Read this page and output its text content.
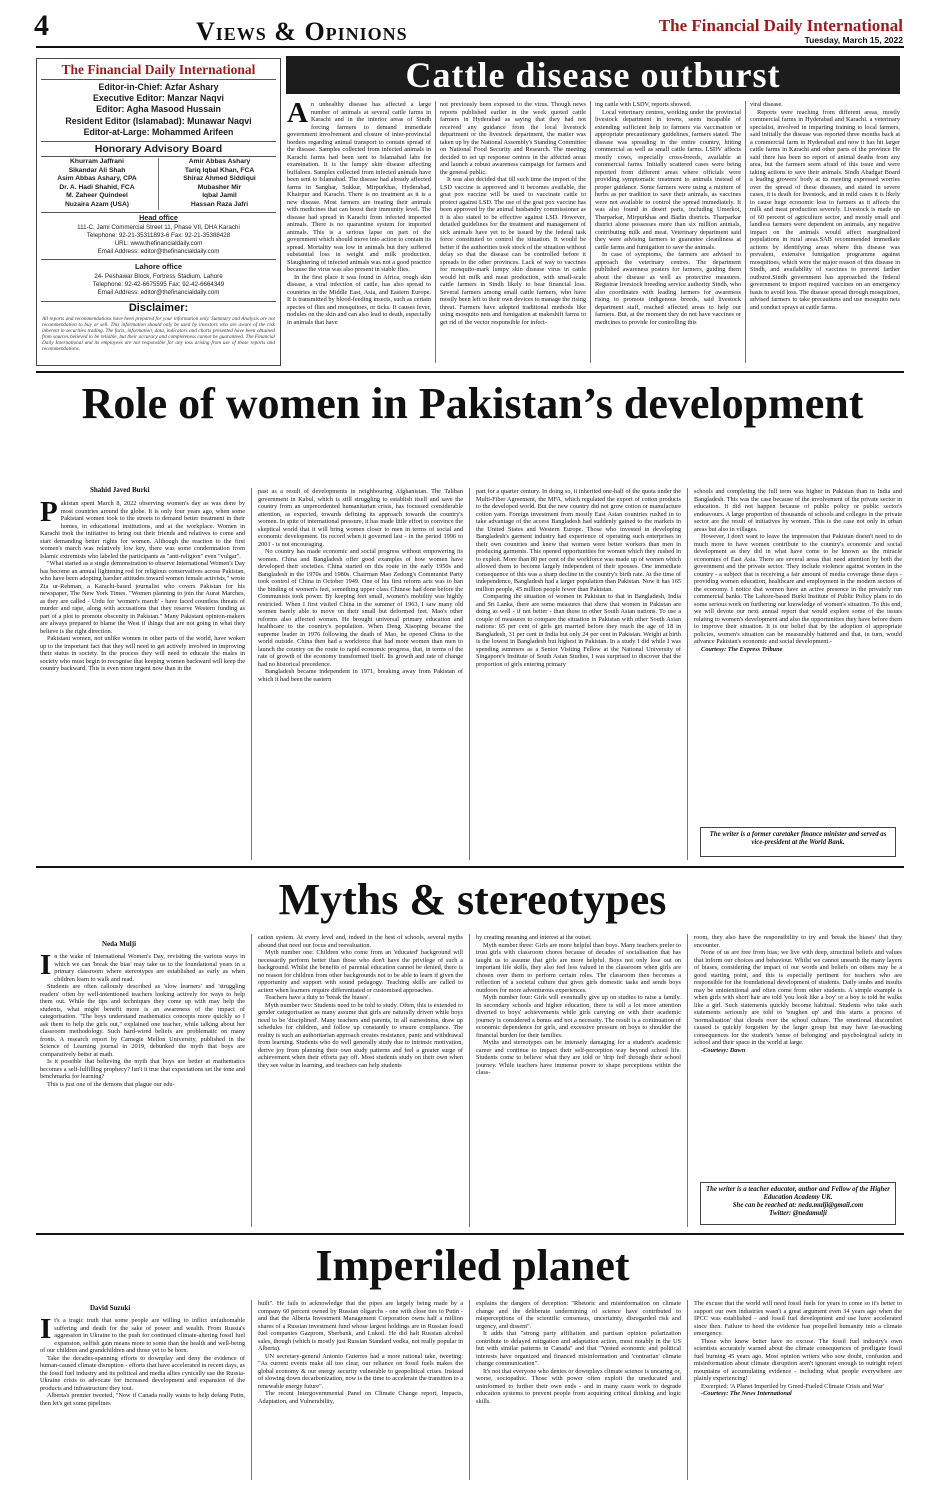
4	Views & Opinions	The Financial Daily International
Tuesday, March 15, 2022
The Financial Daily International
Editor-in-Chief: Azfar Ashary
Executive Editor: Manzar Naqvi
Editor: Agha Masood Hussain
Resident Editor (Islamabad): Munawar Naqvi
Editor-at-Large: Mohammed Arifeen
Honorary Advisory Board
Khurram Jaffrani
Sikandar Ali Shah
Asim Abbas Ashary, CPA
Dr. A. Hadi Shahid, FCA
M. Zaheer Quindeel
Nuzaira Azam (USA)
Amir Abbas Ashary
Tariq Iqbal Khan, FCA
Shiraz Ahmed Siddiqui
Mubasher Mir
Iqbal Jamil
Hassan Raza Jafri
Head office
111-C, Jami Commercial Street 11, Phase VII, DHA Karachi
Telephone: 92-21-35311893-6 Fax: 92-21-35388428
URL: www.thefinancialdaily.com
Email Address: editor@thefinancialdaily.com
Lahore office
24- Peshawar Block, Fortress Stadium, Lahore
Telephone: 92-42-6675595 Fax: 92-42-6664349
Email Address: editor@thefinancialdaily.com
Disclaimer:
All reports and recommendations have been prepared for your information only. Summary and Analysis are not recommendation to buy or sell. This information should only be used by investors who are aware of the risk inherent in securities trading. The facts, information, data, indicators and charts presented have been obtained from sources believed to be reliable, but their accuracy and completeness cannot be guaranteed. The Financial Daily International and its employees are not responsible for any loss arising from use of those reports and recommendations.
Cattle disease outburst
A n unhealthy disease has affected a large number of animals at several cattle farms in Karachi and in the interior areas of Sindh forcing farmers to demand immediate government involvement and closure of inter-provincial borders regarding animal transport to contain spread of the disease. Samples collected from infected animals in Karachi farms had been sent to Islamabad labs for examination. It is the lumpy skin disease affecting buffaloes. Samples collected from infected animals have been sent to Islamabad. The disease had already affected farms in Sanghar, Sukkur, Mirpurkhas, Hyderabad, Khairpur and Karachi. There is no treatment as it is a new disease. Most farmers are treating their animals with medicines that can boost their immunity level. The disease had spread in Karachi from infected imported animals. There is no quarantine system for imported animals. This is a serious lapse on part of the government which should move into action to contain its spread. Mortality was low in animals but they suffered substantial loss in weight and milk production. Slaughtering of infected animals was not a good practice because the virus was also present in stable flies.

In the first place it was found in Africa, rough skin disease, a viral infection of cattle, has also spread to countries in the Middle East, Asia, and Eastern Europe. It is transmitted by blood-feeding insects, such as certain species of flies and mosquitoes, or ticks. It causes fever, nodules on the skin and can also lead to death, especially in animals that have

not previously been exposed to the virus. Though news reports published earlier in the week quoted cattle farmers in Hyderabad as saying that they had not received any guidance from the local livestock department or the livestock department, the matter was taken up by the National Assembly's Standing Committee on National Food Security and Research. The meeting decided to set up response centres in the affected areas and launch a robust awareness campaign for farmers and the general public.

It was also decided that till such time the import of the LSD vaccine is approved and it becomes available, the goat pox vaccine will be used to vaccinate cattle to protect against LSD. The use of the goat pox vaccine has been approved by the animal husbandry commissioner as it is also stated to be effective against LSD. However, detailed guidelines for the treatment and management of sick animals have yet to be issued by the federal task force constituted to control the situation. It would be better if the authorities took stock of the situation without delay so that the disease can be controlled before it spreads to the other provinces. Lack of way to vaccines for mosquito-mark lumpy skin disease virus in cattle would hit milk and meat production, with small-scale cattle farmers in Sindh likely to bear financial loss. Several farmers among small cattle farmers, who have mostly been left to their own devices to manage the rising threat. Farmers have adopted traditional methods like using mosquito nets and fumigation at makeshift farms to get rid of the vector responsible for infect-

ing cattle with LSDV, reports showed.

Local veterinary centres, working under the provincial livestock department in towns, seem incapable of extending sufficient help to farmers via vaccination or appropriate precautionary guidelines, farmers stated. The disease was spreading in the entire country, hitting commercial as well as small cattle farms. LSDV affects mostly cows, especially cross-breeds, available at commercial farms. Initially scattered cases were being reported from different areas where officials were providing symptomatic treatment to animals instead of proper guidance. Some farmers were using a mixture of herbs as per tradition to save their animals, as vaccines were not available to control the spread immediately. It was also found in desert parts, including Umerkot, Tharparkar, Mirpurkhas and Badin districts. Tharparkar district alone possesses more than six million animals, contributing milk and meat. Veterinary department said they were advising farmers to guarantee cleanliness at cattle farms and fumigation to save the animals.

In case of symptoms, the farmers are advised to approach the veterinary centres. The department published awareness posters for farmers, guiding them about the disease as well as protective measures. Registrar livestock breeding service authority Sindh, who also coordinates with leading farmers for awareness rising to promote indigenous breeds, said livestock department staff, reached affected areas to help our farmers. But, at the moment they do not have vaccines or medicines to provide for controlling this

viral disease.

Reports were reaching from different areas, mostly commercial farms in Hyderabad and Karachi. a veterinary specialist, involved in imparting training to local farmers, said initially the disease was reported three months back at a commercial farm in Hyderabad and now it has hit larger cattle farms in Karachi and other parts of the province He said there has been no report of animal deaths from any area, but the farmers seem afraid of this issue and were taking actions to save their animals. Sindh Abadgar Board a leading growers' body at its meeting expressed worries over the spread of these diseases, and stated in severe cases, it is death for livestock, and in mild cases it is likely to cause huge economic loss to farmers as it affects the milk and meat production severely. Livestock is made up of 60 percent of agriculture sector, and mostly small and landless farmers were dependent on animals, any negative impact on the animals would affect marginalized populations in rural areas.SAB recommended immediate actions by identifying areas where this disease was prevalent, extensive fumigation programme against mosquitoes, which were the major reason of this disease in Sindh, and availability of vaccines to prevent farther outburst.Sindh government has approached the federal government to import required vaccines on an emergency basis to avoid loss. The disease spread through mosquitoes, advised farmers to take precautions and use mosquito nets and conduct sprays at cattle farms.

Role of women in Pakistan’s development
Shahid Javed Burki
P akistan spent March 8, 2022 observing women's day as was done by most countries around the globe. It is only four years ago, when some Pakistani women took to the streets to demand better treatment in their homes, in educational institutions, and at the workplace. Women in Karachi took the initiative to bring out their friends and relatives to come and start demanding better rights for women. Although the reaction to the first women's march was relatively low key, there was some condemnation from Islamic extremists who labeled the participants as "anti-religion" even "vulgar".

"What started as a single demonstration to observe International Women's Day has become an annual lightening rod for religious conservatives across Pakistan, who have been adopting harsher attitudes toward women female activists," wrote Zia ur-Rehman, a Karachi-based journalist who covers Pakistan for his newspaper, The New York Times. "Women planning to join the Aurat Marches, as they are called - Urdu for 'women's march' - have faced countless threats of murder and rape, along with accusations that they reserve Western funding as part of a plot to promote obscenity in Pakistan." Many Pakistani opinion-makers are always prepared to blame the West if things that are not going in what they believe is the right direction.

Pakistani women, not unlike women in other parts of the world, have woken up to the important fact that they will need to get actively involved in improving their status in society. In the process they will need to educate the males in society who must begin to recognise that keeping women backward will keep the country backward. This is even more urgent now than in the

past as a result of developments in neighbouring Afghanistan. The Taliban government in Kabul, which is still struggling to establish itself and save the country from an unprecedented humanitarian crisis, has focussed considerable attention, as expected, towards defining its approach towards the country's women. In spite of international pressure, it has made little effort to convince the skeptical world that it will bring women closer to men in terms of social and economic development. Its record when it governed last - in the period 1996 to 2001 - is not encouraging.

No country has made economic and social progress without empowering its women. China and Bangladesh offer good examples of how women have developed their societies. China started on this route in the early 1950s and Bangladesh in the 1970s and 1980s. Chairman Mao Zedong's Communist Party took control of China in October 1949. One of his first reform acts was to ban the binding of women's feet, something upper class Chinese had done before the Communists took power. By keeping feet small, women's mobility was highly restricted. When I first visited China in the summer of 1963, I saw many old women barely able to move on their small but deformed feet. Mao's other reforms also affected women. He brought universal primary education and healthcare to the country's population. When Deng Xiaoping became the supreme leader in 1976 following the death of Mao, he opened China to the world outside. China then had a workforce that had more women than men to launch the country on the route to rapid economic progress, that, in terms of the rate of growth of the economy transformed itself. Its growth and rate of change had no historical precedence.

Bangladesh became independent in 1971, breaking away from Pakistan of which it had been the eastern

part for a quarter century. In doing so, it inherited one-half of the quota under the Multi-Fiber Agreement, the MFA, which regulated the export of cotton products to the developed world. But the new country did not grow cotton or manufacture cotton yarn. Foreign investment from mostly East Asian countries rushed in to take advantage of the access Bangladesh had suddenly gained to the markets in the United States and Western Europe. Those who invested in developing Bangladesh's garment industry had experience of operating such enterprises in their own countries and knew that women were better workers than men in producing garments. This opened opportunities for women which they rushed in to exploit. More than 80 per cent of the workforce was made up of women which allowed them to become largely independent of their spouses. One immediate consequence of this was a sharp decline in the country's birth rate. At the time of independence, Bangladesh had a larger population than Pakistan. Now it has 165 million people, 45 million people fewer than Pakistan.

Comparing the situation of women in Pakistan to that in Bangladesh, India and Sri Lanka, there are some measures that show that women in Pakistan are doing as well - if not better - than those in other South Asian nations. To use a couple of measures to compare the situation in Pakistan with other South Asian nations: 65 per cent of girls get married before they reach the age of 18 in Bangladesh, 31 per cent in India but only 24 per cent in Pakistan. Weight at birth is the lowest in Bangladesh but highest in Pakistan. In a study I did while I was spending summers as a Senior Visiting Fellow at the National University of Singapore's Institute of South Asian Studies, I was surprised to discover that the proportion of girls entering primary

schools and completing the full term was higher in Pakistan than in India and Bangladesh. This was the case because of the involvement of the private sector in education. It did not happen because of public policy or public sector's endeavours. A large proportion of thousands of schools and colleges in the private sector are the result of initiatives by women. This is the case not only in urban areas but also in villages.

However, I don't want to leave the impression that Pakistan doesn't need to do much more to have women contribute to the country's economic and social development as they did in what have come to be known as the miracle economies of East Asia. There are several areas that need attention by both the government and the private sector. They include violence against women in the country - a subject that is receiving a fair amount of media coverage these days - providing women education, healthcare and employment in the modern sectors of the economy. I notice that women have an active presence in the privately run commercial banks. The Lahore-based Burki Institute of Public Policy plans to do some serious work on furthering our knowledge of women's situation. To this end, we will devote our next annual report that would explore some of the issues relating to women's development and also the opportunities they have before them to improve their situation. It is our belief that by the adoption of appropriate policies, women's situation can be measurably battered and that, in turn, would advance Pakistan's economic and social development.-

Courtesy: The Express Tribune

The writer is a former caretaker finance minister and served as vice-president at the World Bank.
Myths & stereotypes
Neda Mulji
I n the wake of International Women's Day, revisiting the various ways in which we can 'break the bias' may take us to the foundational years in a primary classroom where stereotypes are established as early as when children learn to walk and read.

Students are often callously described as 'slow learners' and 'struggling readers' often by well-intentioned teachers looking actively for ways to help them out. While the tips and techniques they come up with may help the students, what might benefit more is an awareness of the impact of categorisation. "The boys understand mathematics concepts more quickly so I ask them to help the girls out," explained one teacher, while talking about her classroom methodology. Such hard-wired beliefs are problematic on many fronts. A research report by Carnegie Mellon University, published in the Science of Learning journal in 2019, debunked the myth that boys are comparatively better at math.

Is it possible that believing the myth that boys are better at mathematics becomes a self-fulfilling prophecy? Isn't it true that expectations set the tone and benchmarks for learning?

This is just one of the demons that plague our edu-

cation system. At every level and, indeed in the best of schools, several myths abound that need our focus and reevaluation.

Myth number one: Children who come from an 'educated' background will necessarily perform better than those who don't have the privilege of such a background. Whilst the benefits of parental education cannot be denied, there is no reason for children from other backgrounds not to be able to learn if given the opportunity and support with sound pedagogy. Teaching skills are called to action when learners require differentiated or customised approaches.

Teachers have a duty to 'break the biases'.

Myth number two: Students need to be told to study. Often, this is extended to gender categorisation as many assume that girls are naturally driven while boys need to be 'disciplined'. Many teachers and parents, in all earnestness, draw up schedules for children, and follow up constantly to ensure compliance. The reality is such an authoritarian approach creates resistance, panic and withdrawal from learning. Students who do well generally study due to intrinsic motivation, derive joy from planning their own study patterns and feel a greater surge of achievement when their efforts pay off. Most students study on their own when they see value in learning, and teachers can help students

by creating meaning and interest at the outset.

Myth number three: Girls are more helpful than boys. Many teachers prefer to trust girls with classroom chores because of decades of socialisation that has taught us to assume that girls are more helpful. Boys not only lose out on important life skills, they also feel less valued in the classroom when girls are chosen over them to perform certain roles. The classroom then becomes a reflection of a societal culture that gives girls domestic tasks and sends boys outdoors for more adventurous experiences.

Myth number four: Girls will eventually give up on studies to raise a family. In secondary schools and higher education, there is still a lot more attention diverted to boys' achievements while girls carrying on with their academic journey is considered a bonus and not a necessity. The result is a continuation of economic dependence for girls, and excessive pressure on boys to shoulder the financial burden for their families.

Myths and stereotypes can be intensely damaging for a student's academic career and continue to impact their self-perception way beyond school life. Students come to believe what they are told or 'drip fed' through their school journey. While teachers have immense power to shape perceptions within the class-

room, they also have the responsibility to try and 'break the biases' that they encounter.

None of us are free from bias; we live with deep, structural beliefs and values that inform our choices and behaviour. Whilst we cannot unearth the many layers of biases, considering the impact of our words and beliefs on others may be a good starting point, and this is especially pertinent for teachers who are responsible for the foundational development of students. Daily snubs and insults may be unintentional and often come from other students. A simple example is when girls with short hair are told 'you look like a boy' or a boy is told he walks like a girl. Such statements quickly become habitual. Students who take such statements seriously are told to 'toughen up' and this starts a process of 'normalisation' that clouds over the school culture. The emotional discomfort caused is quickly forgotten by the larger group but may have far-reaching consequences for the student's 'sense of belonging' and psychological safety in school and their space in the world at large.

-Courtesy: Dawn

The writer is a teacher educator, author and Fellow of the Higher Education Academy UK.
She can be reached at: neda.mulji@gmail.com
Twitter: @nedamulji
Imperiled planet
David Suzuki
I t's a tragic truth that some people are willing to inflict unfathomable suffering and death for the sake of power and wealth. From Russia's aggression in Ukraine to the push for continued climate-altering fossil fuel expansion, selfish gain means more to some than the health and well-being of our children and grandchildren and those yet to be born.

Take the decades-spanning efforts to downplay and deny the evidence of human-caused climate disruption - efforts that have accelerated in recent days, as the fossil fuel industry and its political and media allies cynically use the Russia-Ukraine crisis to advocate for increased development and expansion of the products and infrastructure they tout.

Alberta's premier tweeted, "Now if Canada really wants to help defang Putin, then let's get some pipelines

built". He fails to acknowledge that the pipes are largely being made by a company 60 percent owned by Russian oligarchs - one with close ties to Putin - and that the Alberta Investment Management Corporation owns half a million shares of a Russian investment fund whose largest holdings are in Russian fossil fuel companies Gazprom, Sberbank, and Lukoil. He did halt Russian alcohol sales, though (which is mostly just Russian Standard vodka, not really popular in Alberta).

UN secretary-general Antonio Guterres had a more rational take, tweeting: "As current events make all too clear, our reliance on fossil fuels makes the global economy & our energy security vulnerable to geopolitical crises. Instead of slowing down decarbonization, now is the time to accelerate the transition to a renewable energy future".

The recent Intergovernmental Panel on Climate Change report, Impacts, Adaptation, and Vulnerability,

explains the dangers of deception: "Rhetoric and misinformation on climate change and the deliberate undermining of science have contributed to misperceptions of the scientific consensus, uncertainty, disregarded risk and urgency, and dissent".

It adds that "strong party affiliation and partisan opinion polarization contribute to delayed mitigation and adaptation action, most notably in the US but with similar patterns in Canada" and that "Vested economic and political interests have organized and financed misinformation and 'contrarian' climate change communication".

It's not that everyone who denies or downplays climate science is uncaring or, worse, sociopathic. Those with power often exploit the uneducated and uninformed to further their own ends - and in many cases work to degrade education systems to prevent people from acquiring critical thinking and logic skills.

The excuse that the world will need fossil fuels for years to come so it's better to support our own industries wasn't a great argument even 34 years ago when the IPCC was established - and fossil fuel development and use have accelerated since then. Failure to heed the evidence has propelled humanity into a climate emergency.

Those who know better have no excuse. The fossil fuel industry's own scientists accurately warned about the climate consequences of profligate fossil fuel burning 45 years ago. Most opinion writers who sow doubt, confusion and misinformation about climate disruption aren't ignorant enough to outright reject mountains of accumulating evidence - including what people everywhere are plainly experiencing!

Excerpted: 'A Planet Imperiled by Greed-Fueled Climate Crisis and War'

-Courtesy: The News International
